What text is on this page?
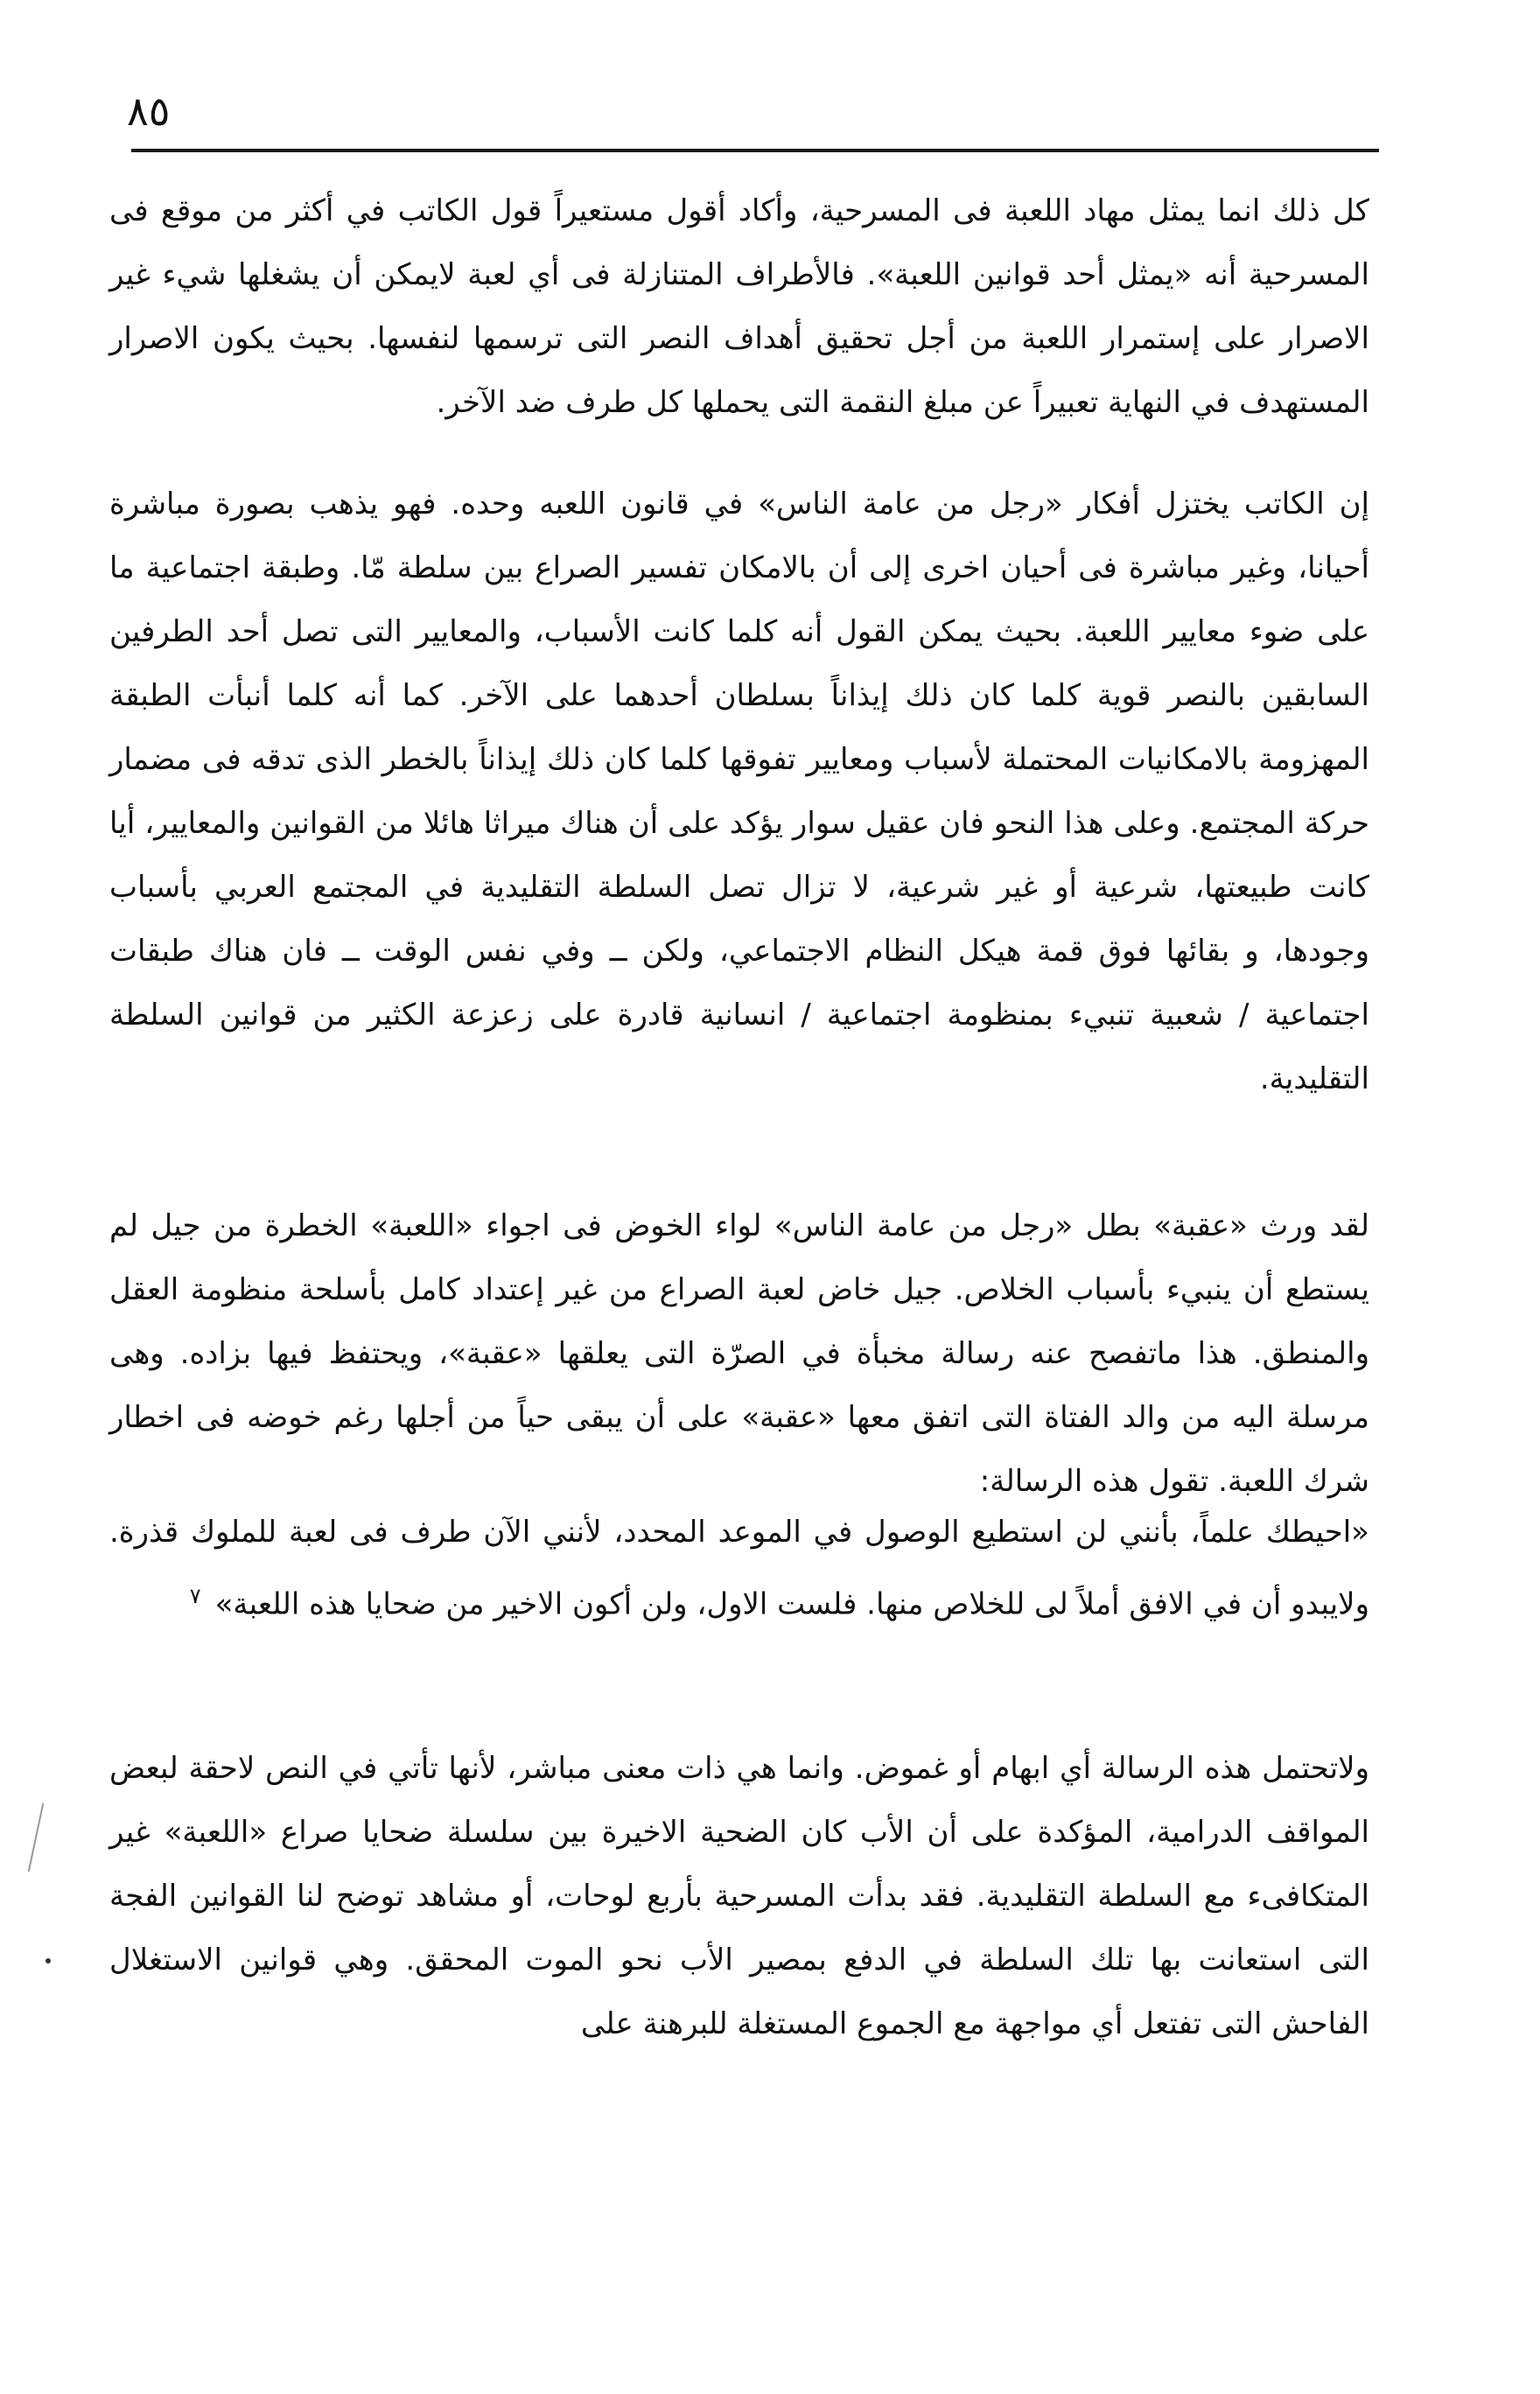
٨٥

كل ذلك انما يمثل مهاد اللعبة فى المسرحية، وأكاد أقول مستعيراً قول الكاتب في أكثر من موقع فى المسرحية أنه «يمثل أحد قوانين اللعبة». فالأطراف المتنازلة فى أي لعبة لايمكن أن يشغلها شيء غير الاصرار على إستمرار اللعبة من أجل تحقيق أهداف النصر التى ترسمها لنفسها. بحيث يكون الاصرار المستهدف في النهاية تعبيراً عن مبلغ النقمة التى يحملها كل طرف ضد الآخر.

إن الكاتب يختزل أفكار «رجل من عامة الناس» في قانون اللعبه وحده. فهو يذهب بصورة مباشرة أحيانا، وغير مباشرة فى أحيان اخرى إلى أن بالامكان تفسير الصراع بين سلطة مّا. وطبقة اجتماعية ما على ضوء معايير اللعبة. بحيث يمكن القول أنه كلما كانت الأسباب، والمعايير التى تصل أحد الطرفين السابقين بالنصر قوية كلما كان ذلك إيذاناً بسلطان أحدهما على الآخر. كما أنه كلما أنبأت الطبقة المهزومة بالامكانيات المحتملة لأسباب ومعايير تفوقها كلما كان ذلك إيذاناً بالخطر الذى تدقه فى مضمار حركة المجتمع. وعلى هذا النحو فان عقيل سوار يؤكد على أن هناك ميراثا هائلا من القوانين والمعايير، أيا كانت طبيعتها، شرعية أو غير شرعية، لا تزال تصل السلطة التقليدية في المجتمع العربي بأسباب وجودها، و بقائها فوق قمة هيكل النظام الاجتماعي، ولكن ــ وفي نفس الوقت ــ فان هناك طبقات اجتماعية / شعبية تنبيء بمنظومة اجتماعية / انسانية قادرة على زعزعة الكثير من قوانين السلطة التقليدية.

لقد ورث «عقبة» بطل «رجل من عامة الناس» لواء الخوض فى اجواء «اللعبة» الخطرة من جيل لم يستطع أن ينبيء بأسباب الخلاص. جيل خاض لعبة الصراع من غير إعتداد كامل بأسلحة منظومة العقل والمنطق. هذا ماتفصح عنه رسالة مخبأة في الصرّة التى يعلقها «عقبة»، ويحتفظ فيها بزاده. وهى مرسلة اليه من والد الفتاة التى اتفق معها «عقبة» على أن يبقى حياً من أجلها رغم خوضه فى اخطار شرك اللعبة. تقول هذه الرسالة:

«احيطك علماً، بأنني لن استطيع الوصول في الموعد المحدد، لأنني الآن طرف فى لعبة للملوك قذرة. ولايبدو أن في الافق أملاً لى للخلاص منها. فلست الاول، ولن أكون الاخير من ضحايا هذه اللعبة»$^٧$

ولاتحتمل هذه الرسالة أي ابهام أو غموض. وانما هي ذات معنى مباشر، لأنها تأتي في النص لاحقة لبعض المواقف الدرامية، المؤكدة على أن الأب كان الضحية الاخيرة بين سلسلة ضحايا صراع «اللعبة» غير المتكافىء مع السلطة التقليدية. فقد بدأت المسرحية بأربع لوحات، أو مشاهد توضح لنا القوانين الفجة التى استعانت بها تلك السلطة في الدفع بمصير الأب نحو الموت المحقق. وهي قوانين الاستغلال الفاحش التى تفتعل أي مواجهة مع الجموع المستغلة للبرهنة على
